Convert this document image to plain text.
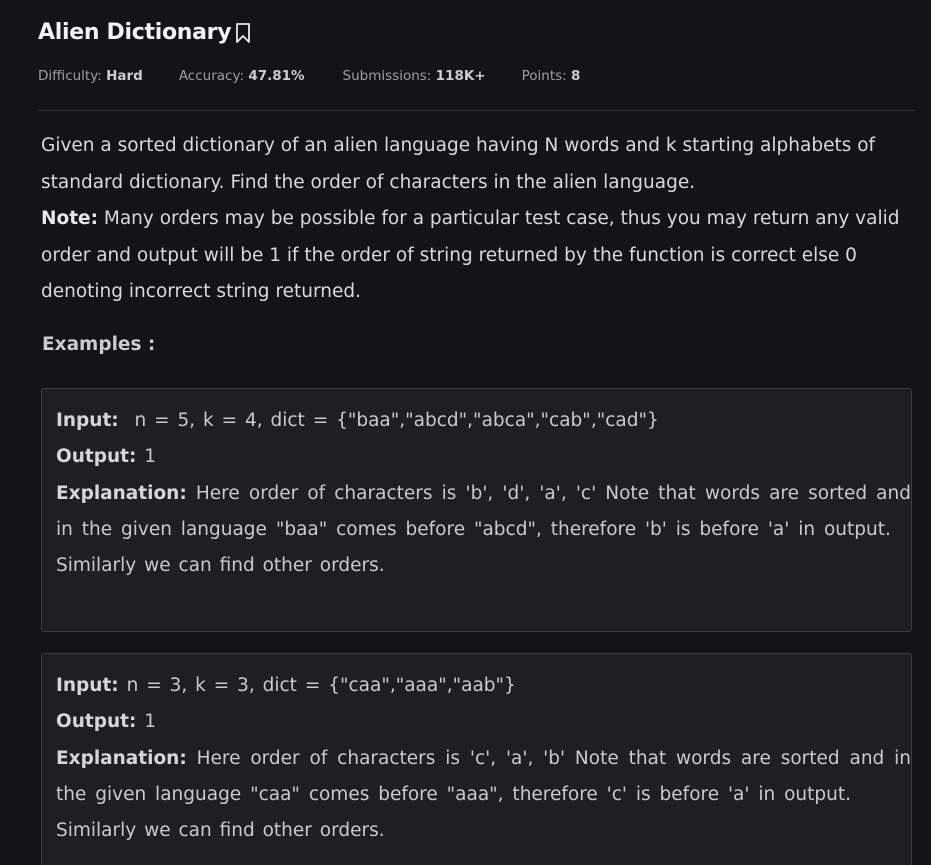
Alien Dictionary
Difficulty: Hard	Accuracy: 47.81%	Submissions: 118K+	Points: 8

Given a sorted dictionary of an alien language having N words and k starting alphabets of standard dictionary. Find the order of characters in the alien language.

Note: Many orders may be possible for a particular test case, thus you may return any valid order and output will be 1 if the order of string returned by the function is correct else 0 denoting incorrect string returned.

Examples :

Input:  n = 5, k = 4, dict = {"baa","abcd","abca","cab","cad"}

Output: 1

Explanation: Here order of characters is 'b', 'd', 'a', 'c' Note that words are sorted and in the given language "baa" comes before "abcd", therefore 'b' is before 'a' in output.

Similarly we can find other orders.

Input: n = 3, k = 3, dict = {"caa","aaa","aab"}

Output: 1

Explanation: Here order of characters is 'c', 'a', 'b' Note that words are sorted and in the given language "caa" comes before "aaa", therefore 'c' is before 'a' in output.

Similarly we can find other orders.
